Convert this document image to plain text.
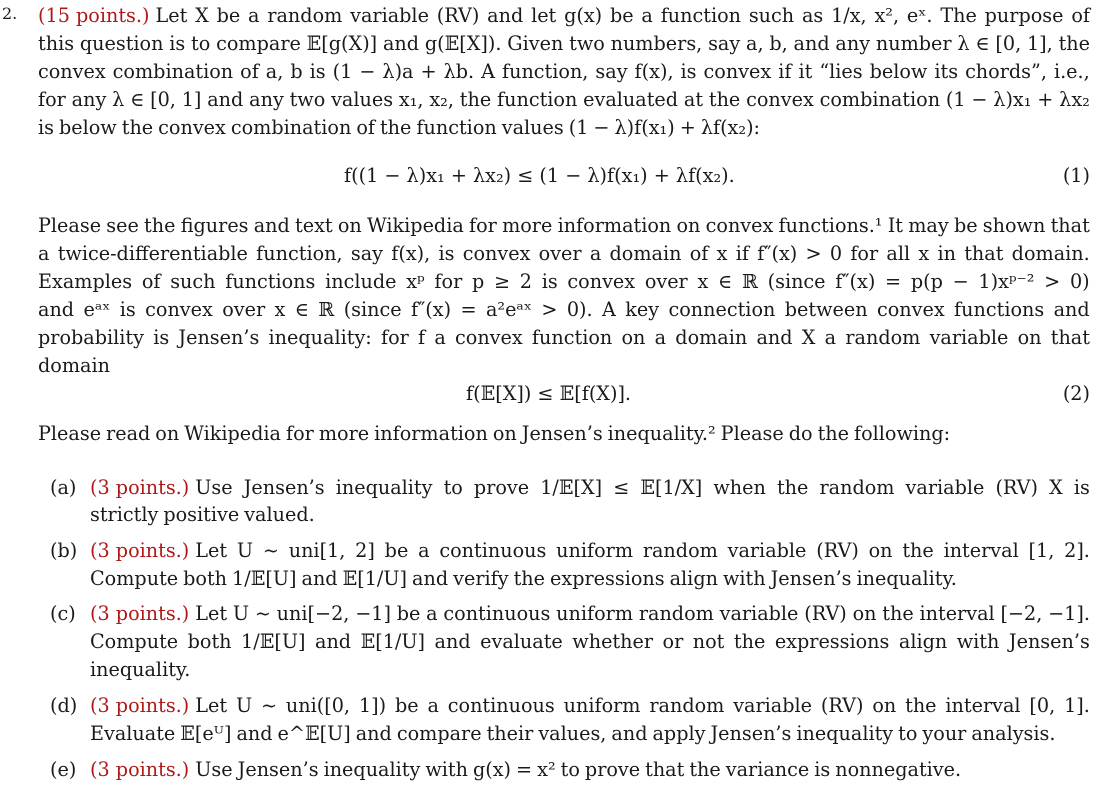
2. (15 points.) Let X be a random variable (RV) and let g(x) be a function such as 1/x, x², eˣ. The purpose of
this question is to compare 𝔼[g(X)] and g(𝔼[X]). Given two numbers, say a, b, and any number λ ∈ [0, 1], the
convex combination of a, b is (1 − λ)a + λb. A function, say f(x), is convex if it “lies below its chords”, i.e.,
for any λ ∈ [0, 1] and any two values x₁, x₂, the function evaluated at the convex combination (1 − λ)x₁ + λx₂
is below the convex combination of the function values (1 − λ)f(x₁) + λf(x₂):
f((1 − λ)x₁ + λx₂) ≤ (1 − λ)f(x₁) + λf(x₂).	(1)
Please see the figures and text on Wikipedia for more information on convex functions.¹ It may be shown that
a twice-differentiable function, say f(x), is convex over a domain of x if f″(x) > 0 for all x in that domain.
Examples of such functions include xᵖ for p ≥ 2 is convex over x ∈ ℝ (since f″(x) = p(p − 1)xᵖ⁻² > 0)
and eᵃˣ is convex over x ∈ ℝ (since f″(x) = a²eᵃˣ > 0). A key connection between convex functions and
probability is Jensen’s inequality: for f a convex function on a domain and X a random variable on that
domain
f(𝔼[X]) ≤ 𝔼[f(X)].	(2)
Please read on Wikipedia for more information on Jensen’s inequality.² Please do the following:
(a) (3 points.) Use Jensen’s inequality to prove 1/𝔼[X] ≤ 𝔼[1/X] when the random variable (RV) X is
strictly positive valued.
(b) (3 points.) Let U ∼ uni[1, 2] be a continuous uniform random variable (RV) on the interval [1, 2].
Compute both 1/𝔼[U] and 𝔼[1/U] and verify the expressions align with Jensen’s inequality.
(c) (3 points.) Let U ∼ uni[−2, −1] be a continuous uniform random variable (RV) on the interval [−2, −1].
Compute both 1/𝔼[U] and 𝔼[1/U] and evaluate whether or not the expressions align with Jensen’s
inequality.
(d) (3 points.) Let U ∼ uni([0, 1]) be a continuous uniform random variable (RV) on the interval [0, 1].
Evaluate 𝔼[eᵁ] and e^𝔼[U] and compare their values, and apply Jensen’s inequality to your analysis.
(e) (3 points.) Use Jensen’s inequality with g(x) = x² to prove that the variance is nonnegative.
